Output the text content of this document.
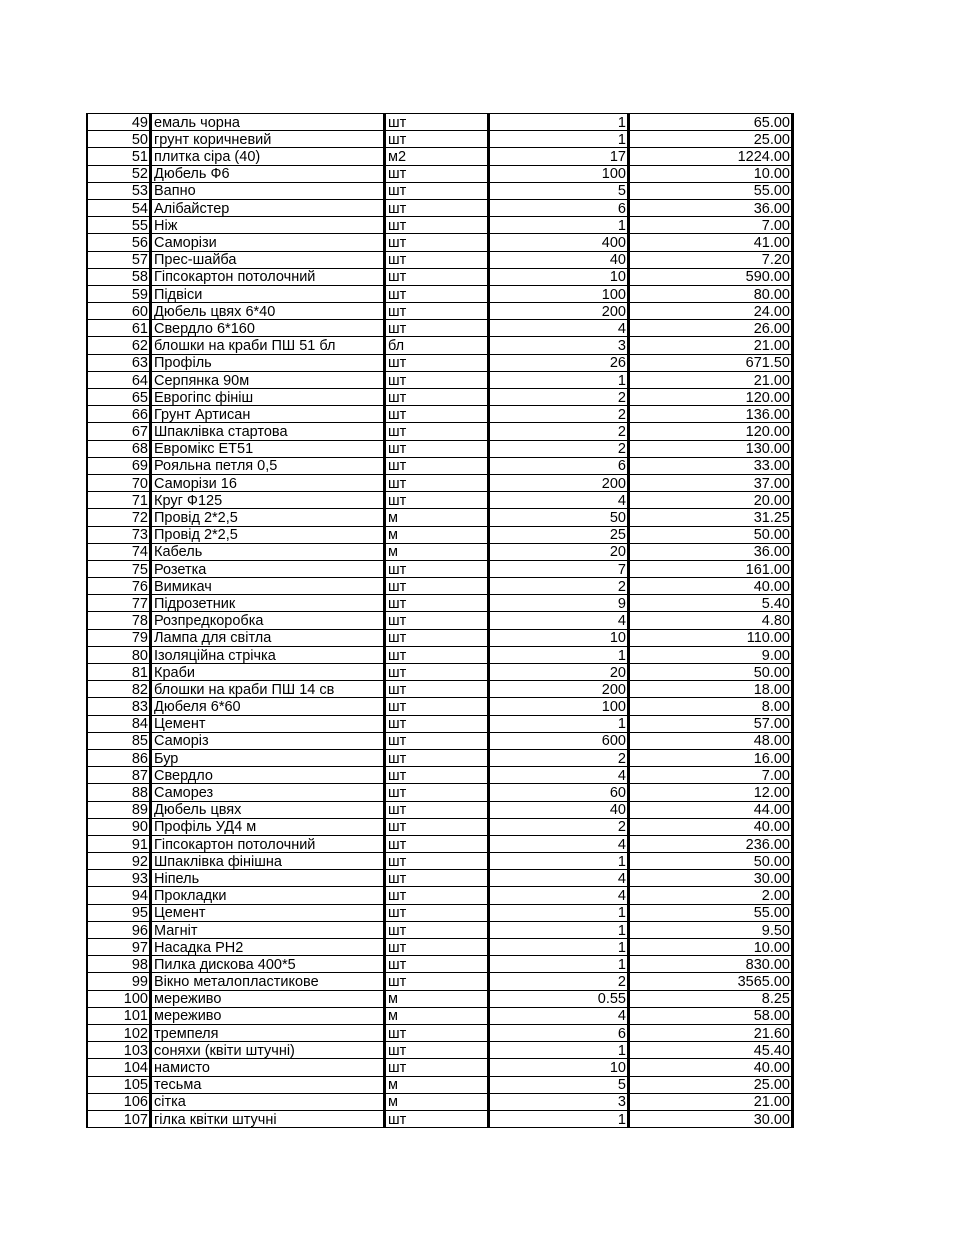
49	емаль чорна	шт	1	65.00
50	грунт коричневий	шт	1	25.00
51	плитка сіра (40)	м2	17	1224.00
52	Дюбель Ф6	шт	100	10.00
53	Вапно	шт	5	55.00
54	Алібайстер	шт	6	36.00
55	Ніж	шт	1	7.00
56	Саморізи	шт	400	41.00
57	Прес-шайба	шт	40	7.20
58	Гіпсокартон потолочний	шт	10	590.00
59	Підвіси	шт	100	80.00
60	Дюбель цвях 6*40	шт	200	24.00
61	Свердло 6*160	шт	4	26.00
62	блошки на краби ПШ 51 бл	бл	3	21.00
63	Профіль	шт	26	671.50
64	Серпянка 90м	шт	1	21.00
65	Еврогіпс фініш	шт	2	120.00
66	Грунт Артисан	шт	2	136.00
67	Шпаклівка стартова	шт	2	120.00
68	Евромікс ЕТ51	шт	2	130.00
69	Рояльна петля 0,5	шт	6	33.00
70	Саморізи 16	шт	200	37.00
71	Круг Ф125	шт	4	20.00
72	Провід 2*2,5	м	50	31.25
73	Провід 2*2,5	м	25	50.00
74	Кабель	м	20	36.00
75	Розетка	шт	7	161.00
76	Вимикач	шт	2	40.00
77	Підрозетник	шт	9	5.40
78	Розпредкоробка	шт	4	4.80
79	Лампа для світла	шт	10	110.00
80	Ізоляційна стрічка	шт	1	9.00
81	Краби	шт	20	50.00
82	блошки на краби ПШ 14 св	шт	200	18.00
83	Дюбеля 6*60	шт	100	8.00
84	Цемент	шт	1	57.00
85	Саморіз	шт	600	48.00
86	Бур	шт	2	16.00
87	Свердло	шт	4	7.00
88	Саморез	шт	60	12.00
89	Дюбель цвях	шт	40	44.00
90	Профіль УД4 м	шт	2	40.00
91	Гіпсокартон потолочний	шт	4	236.00
92	Шпаклівка фінішна	шт	1	50.00
93	Ніпель	шт	4	30.00
94	Прокладки	шт	4	2.00
95	Цемент	шт	1	55.00
96	Магніт	шт	1	9.50
97	Насадка РН2	шт	1	10.00
98	Пилка дискова 400*5	шт	1	830.00
99	Вікно металопластикове	шт	2	3565.00
100	мереживо	м	0.55	8.25
101	мереживо	м	4	58.00
102	тремпеля	шт	6	21.60
103	соняхи (квіти штучні)	шт	1	45.40
104	намисто	шт	10	40.00
105	тесьма	м	5	25.00
106	сітка	м	3	21.00
107	гілка квітки штучні	шт	1	30.00
